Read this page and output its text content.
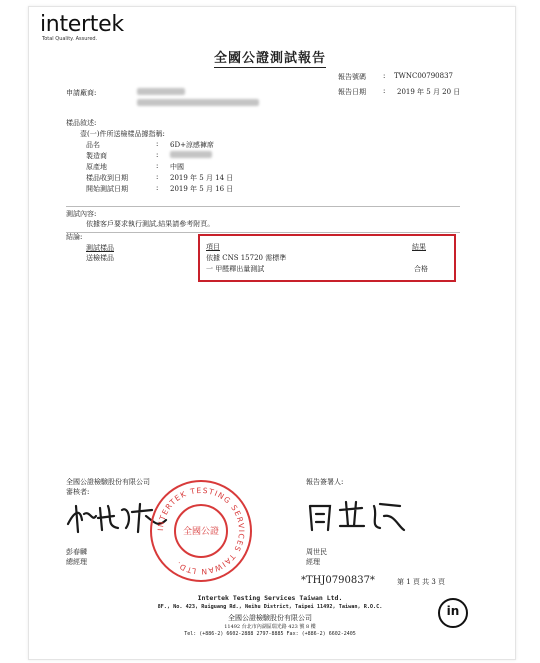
intertek
Total Quality. Assured.
全國公證測試報告
報告號碼 : TWNC00790837
報告日期 : 2019 年 5 月 20 日
申請廠商:
樣品敘述:
壹(一)件所送檢樣品據指稱:
品名	: 6D+涼感褲席
製造商	:
原產地	: 中國
樣品收到日期	: 2019 年 5 月 14 日
開始測試日期	: 2019 年 5 月 16 日
測試內容:
依據客戶要求執行測試,結果請參考附頁。
結論:
測試樣品
送檢樣品
項目	結果
依據 CNS 15720 需標準
一 甲醛釋出量測試	合格
全國公證檢驗股份有限公司
審核者:
報告簽署人:
INTERTEK TESTING SERVICES TAIWAN LTD.
全國公證
彭春麟
總經理
周世民
經理
*THJ0790837*	第 1 頁 共 3 頁
Intertek Testing Services Taiwan Ltd.
8F., No. 423, Ruiguang Rd., Neihu District, Taipei 11492, Taiwan, R.O.C.
全國公證檢驗股份有限公司
11492 台北市內湖區瑞光路 423 號 8 樓
Tel: (+886-2) 6602-2888 2797-8885 Fax: (+886-2) 6602-2405
in
